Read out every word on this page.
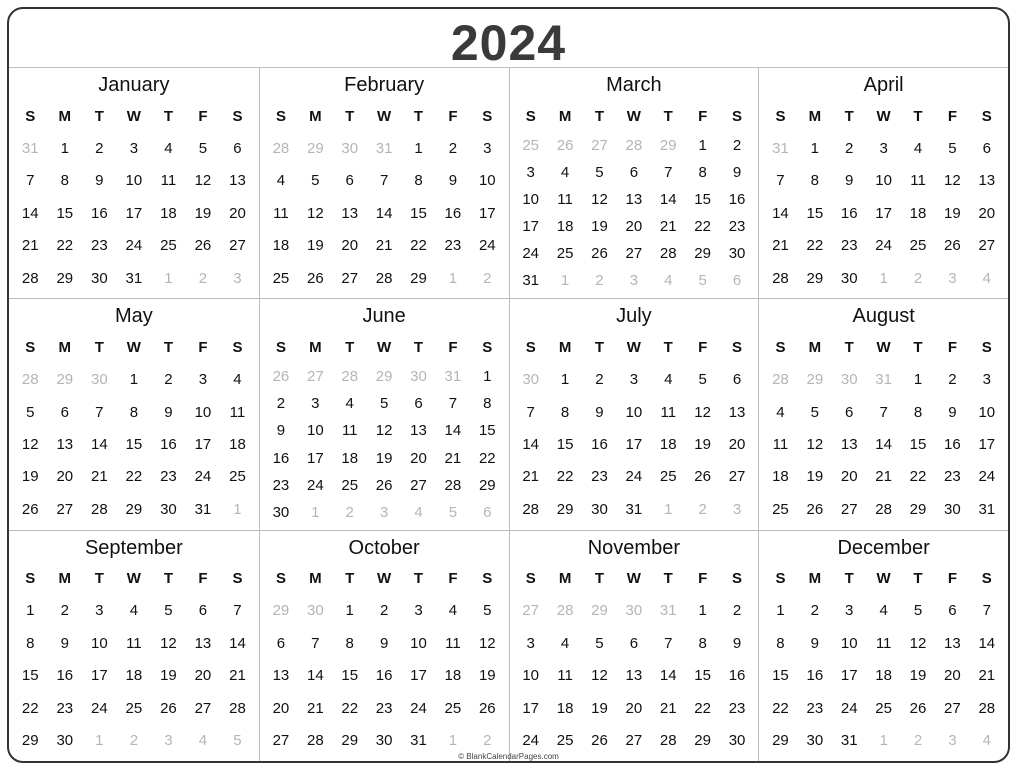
2024
January
S	M	T	W	T	F	S
31	1	2	3	4	5	6
7	8	9	10	11	12	13
14	15	16	17	18	19	20
21	22	23	24	25	26	27
28	29	30	31	1	2	3
February
S	M	T	W	T	F	S
28	29	30	31	1	2	3
4	5	6	7	8	9	10
11	12	13	14	15	16	17
18	19	20	21	22	23	24
25	26	27	28	29	1	2
March
S	M	T	W	T	F	S
25	26	27	28	29	1	2
3	4	5	6	7	8	9
10	11	12	13	14	15	16
17	18	19	20	21	22	23
24	25	26	27	28	29	30
31	1	2	3	4	5	6
April
S	M	T	W	T	F	S
31	1	2	3	4	5	6
7	8	9	10	11	12	13
14	15	16	17	18	19	20
21	22	23	24	25	26	27
28	29	30	1	2	3	4
May
S	M	T	W	T	F	S
28	29	30	1	2	3	4
5	6	7	8	9	10	11
12	13	14	15	16	17	18
19	20	21	22	23	24	25
26	27	28	29	30	31	1
June
S	M	T	W	T	F	S
26	27	28	29	30	31	1
2	3	4	5	6	7	8
9	10	11	12	13	14	15
16	17	18	19	20	21	22
23	24	25	26	27	28	29
30	1	2	3	4	5	6
July
S	M	T	W	T	F	S
30	1	2	3	4	5	6
7	8	9	10	11	12	13
14	15	16	17	18	19	20
21	22	23	24	25	26	27
28	29	30	31	1	2	3
August
S	M	T	W	T	F	S
28	29	30	31	1	2	3
4	5	6	7	8	9	10
11	12	13	14	15	16	17
18	19	20	21	22	23	24
25	26	27	28	29	30	31
September
S	M	T	W	T	F	S
1	2	3	4	5	6	7
8	9	10	11	12	13	14
15	16	17	18	19	20	21
22	23	24	25	26	27	28
29	30	1	2	3	4	5
October
S	M	T	W	T	F	S
29	30	1	2	3	4	5
6	7	8	9	10	11	12
13	14	15	16	17	18	19
20	21	22	23	24	25	26
27	28	29	30	31	1	2
November
S	M	T	W	T	F	S
27	28	29	30	31	1	2
3	4	5	6	7	8	9
10	11	12	13	14	15	16
17	18	19	20	21	22	23
24	25	26	27	28	29	30
December
S	M	T	W	T	F	S
1	2	3	4	5	6	7
8	9	10	11	12	13	14
15	16	17	18	19	20	21
22	23	24	25	26	27	28
29	30	31	1	2	3	4
© BlankCalendarPages.com
